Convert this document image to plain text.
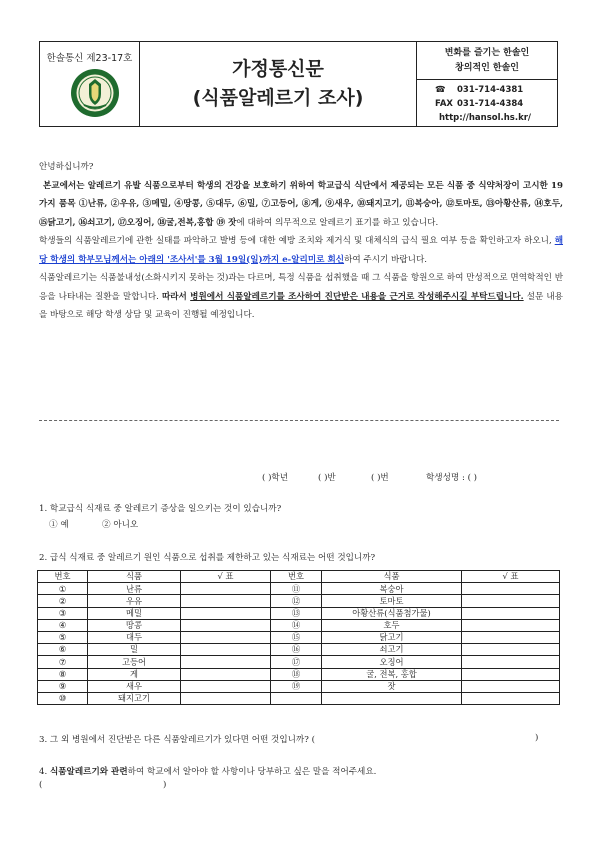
한솔통신 제23-17호	가정통신문
(식품알레르기 조사)
변화를 즐기는 한솔인
창의적인 한솔인
☎ 031-714-4381
FAX 031-714-4384
http://hansol.hs.kr/

안녕하십니까?

본교에서는 알레르기 유발 식품으로부터 학생의 건강을 보호하기 위하여 학교급식 식단에서 제공되는 모든 식품 중 식약처장이 고시한 19가지 품목 ①난류, ②우유, ③메밀, ④땅콩, ⑤대두, ⑥밀, ⑦고등어, ⑧게, ⑨새우, ⑩돼지고기, ⑪복숭아, ⑫토마토, ⑬아황산류, ⑭호두, ⑮닭고기, ⑯쇠고기, ⑰오징어, ⑱굴,전복,홍합 ⑲ 잣에 대하여 의무적으로 알레르기 표기를 하고 있습니다.

학생들의 식품알레르기에 관한 실태를 파악하고 발병 등에 대한 예방 조치와 제거식 및 대체식의 급식 필요 여부 등을 확인하고자 하오니, 해당 학생의 학부모님께서는 아래의 '조사서'를 3월 19일(일)까지 e-알리미로 회신하여 주시기 바랍니다.

식품알레르기는 식품불내성(소화시키지 못하는 것)과는 다르며, 특정 식품을 섭취했을 때 그 식품을 항원으로 하여 만성적으로 면역학적인 반응을 나타내는 질환을 말합니다. 따라서 병원에서 식품알레르기를 조사하여 진단받은 내용을 근거로 작성해주시길 부탁드립니다. 설문 내용을 바탕으로 해당 학생 상담 및 교육이 진행될 예정입니다.

( )학년	( )반	( )번	학생성명 : ( )
1. 학교급식 식재료 중 알레르기 증상을 일으키는 것이 있습니까?
① 예	② 아니오
2. 급식 식재료 중 알레르기 원인 식품으로 섭취를 제한하고 있는 식재료는 어떤 것입니까?
번호	식품	√ 표	번호	식품	√ 표
①	난류		⑪	복숭아	
②	우유		⑫	토마토	
③	메밀		⑬	아황산류(식품첨가물)	
④	땅콩		⑭	호두	
⑤	대두		⑮	닭고기	
⑥	밀		⑯	쇠고기	
⑦	고등어		⑰	오징어	
⑧	게		⑱	굴, 전복, 홍합	
⑨	새우		⑲	잣	
⑩	돼지고기				
3. 그 외 병원에서 진단받은 다른 식품알레르기가 있다면 어떤 것입니까? (	)
4. 식품알레르기와 관련하여 학교에서 알아야 할 사항이나 당부하고 싶은 말을 적어주세요.
(	)
